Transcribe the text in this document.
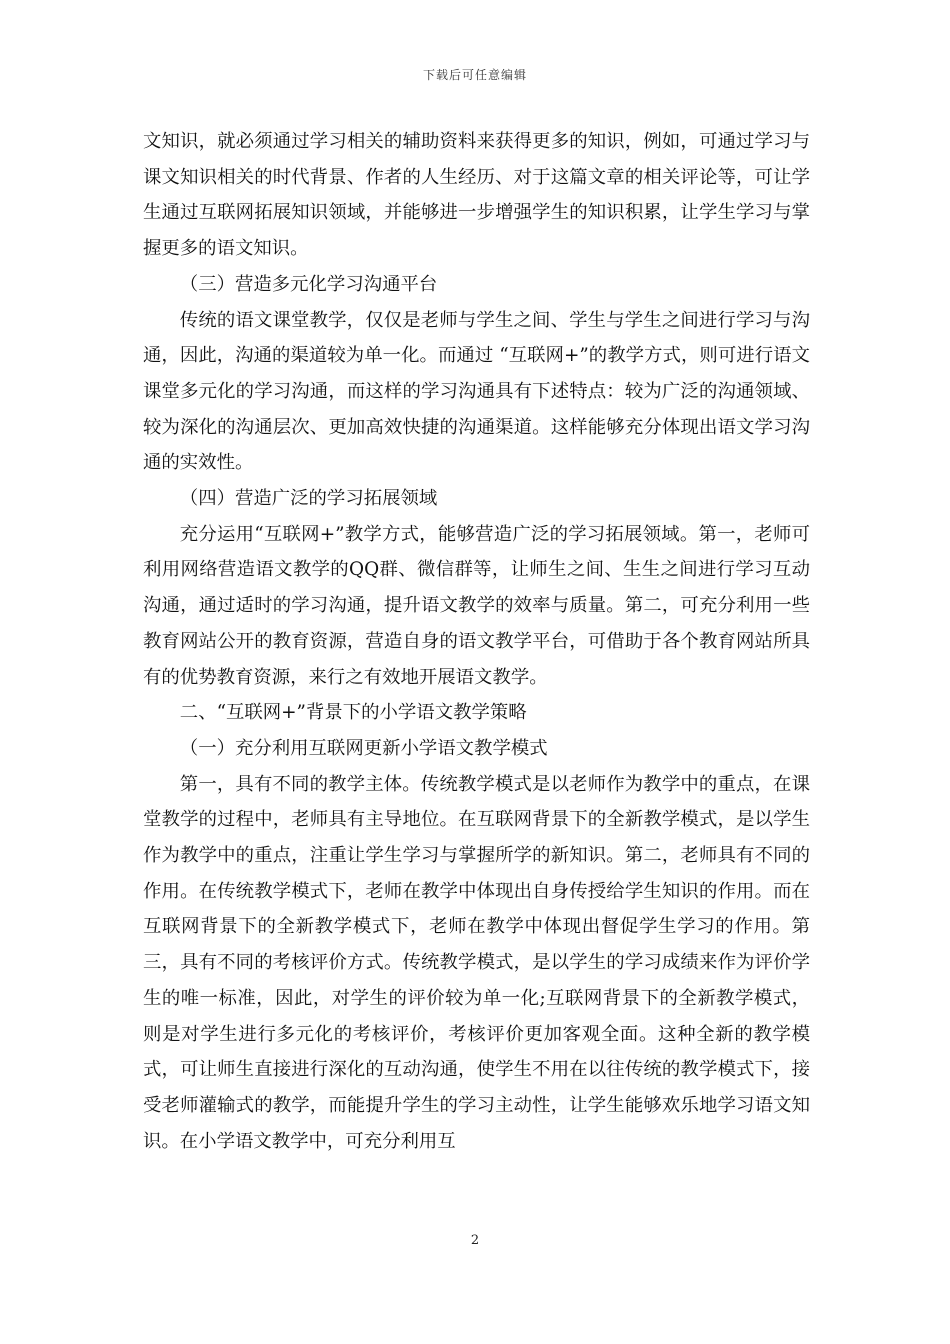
下载后可任意编辑

文知识，就必须通过学习相关的辅助资料来获得更多的知识，例如，可通过学习与课文知识相关的时代背景、作者的人生经历、对于这篇文章的相关评论等，可让学生通过互联网拓展知识领域，并能够进一步增强学生的知识积累，让学生学习与掌握更多的语文知识。

（三）营造多元化学习沟通平台

传统的语文课堂教学，仅仅是老师与学生之间、学生与学生之间进行学习与沟通，因此，沟通的渠道较为单一化。而通过 “互联网+”的教学方式，则可进行语文课堂多元化的学习沟通，而这样的学习沟通具有下述特点：较为广泛的沟通领域、较为深化的沟通层次、更加高效快捷的沟通渠道。这样能够充分体现出语文学习沟通的实效性。

（四）营造广泛的学习拓展领域

充分运用“互联网+”教学方式，能够营造广泛的学习拓展领域。第一，老师可利用网络营造语文教学的QQ群、微信群等，让师生之间、生生之间进行学习互动沟通，通过适时的学习沟通，提升语文教学的效率与质量。第二，可充分利用一些教育网站公开的教育资源，营造自身的语文教学平台，可借助于各个教育网站所具有的优势教育资源，来行之有效地开展语文教学。

二、“互联网+”背景下的小学语文教学策略

（一）充分利用互联网更新小学语文教学模式

第一，具有不同的教学主体。传统教学模式是以老师作为教学中的重点，在课堂教学的过程中，老师具有主导地位。在互联网背景下的全新教学模式，是以学生作为教学中的重点，注重让学生学习与掌握所学的新知识。第二，老师具有不同的作用。在传统教学模式下，老师在教学中体现出自身传授给学生知识的作用。而在互联网背景下的全新教学模式下，老师在教学中体现出督促学生学习的作用。第三，具有不同的考核评价方式。传统教学模式，是以学生的学习成绩来作为评价学生的唯一标准，因此，对学生的评价较为单一化;互联网背景下的全新教学模式，则是对学生进行多元化的考核评价，考核评价更加客观全面。这种全新的教学模式，可让师生直接进行深化的互动沟通，使学生不用在以往传统的教学模式下，接受老师灌输式的教学，而能提升学生的学习主动性，让学生能够欢乐地学习语文知识。在小学语文教学中，可充分利用互

2
